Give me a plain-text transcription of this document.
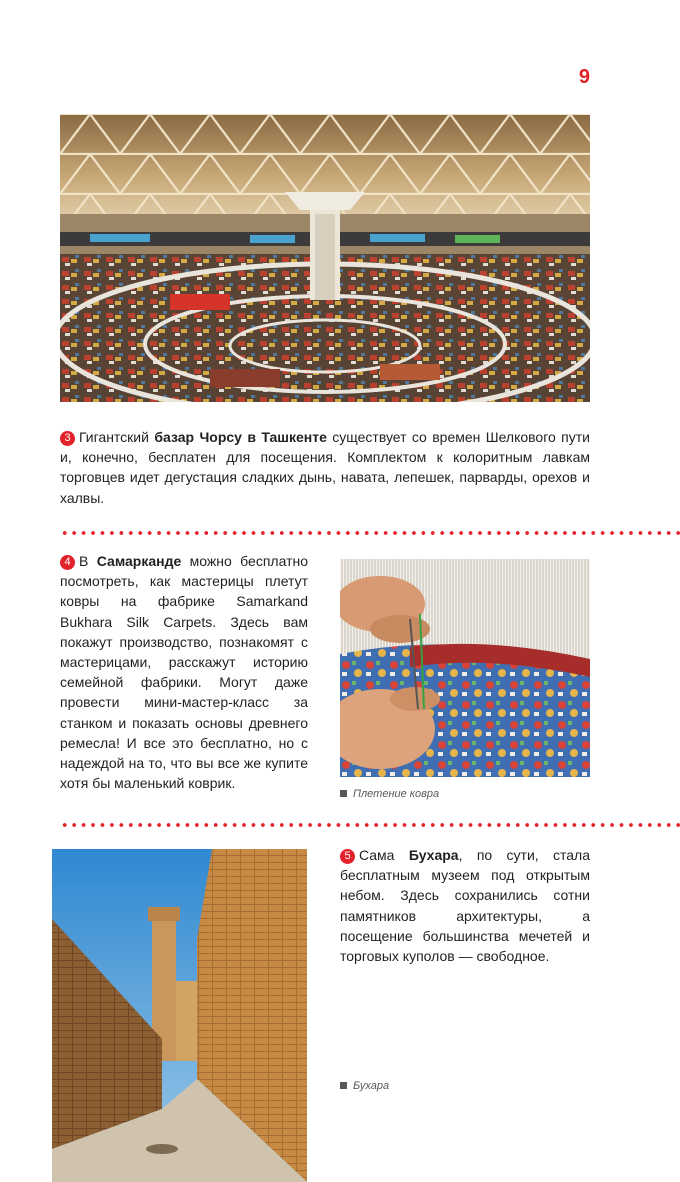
9

3 Гигантский базар Чорсу в Ташкенте существует со времен Шелкового пути и, конечно, бесплатен для посещения. Комплектом к колоритным лавкам торговцев идет дегустация сладких дынь, навата, лепешек, парварды, орехов и халвы.

4 В Самарканде можно бесплатно посмотреть, как мастерицы плетут ковры на фабрике Samarkand Bukhara Silk Carpets. Здесь вам покажут производство, познакомят с мастерицами, расскажут историю семейной фабрики. Могут даже провести мини-мастер-класс за станком и показать основы древнего ремесла! И все это бесплатно, но с надеждой на то, что вы все же купите хотя бы маленький коврик.

Плетение ковра

5 Сама Бухара, по сути, стала бесплатным музеем под открытым небом. Здесь сохранились сотни памятников архитектуры, а посещение большинства мечетей и торговых куполов — свободное.

Бухара
